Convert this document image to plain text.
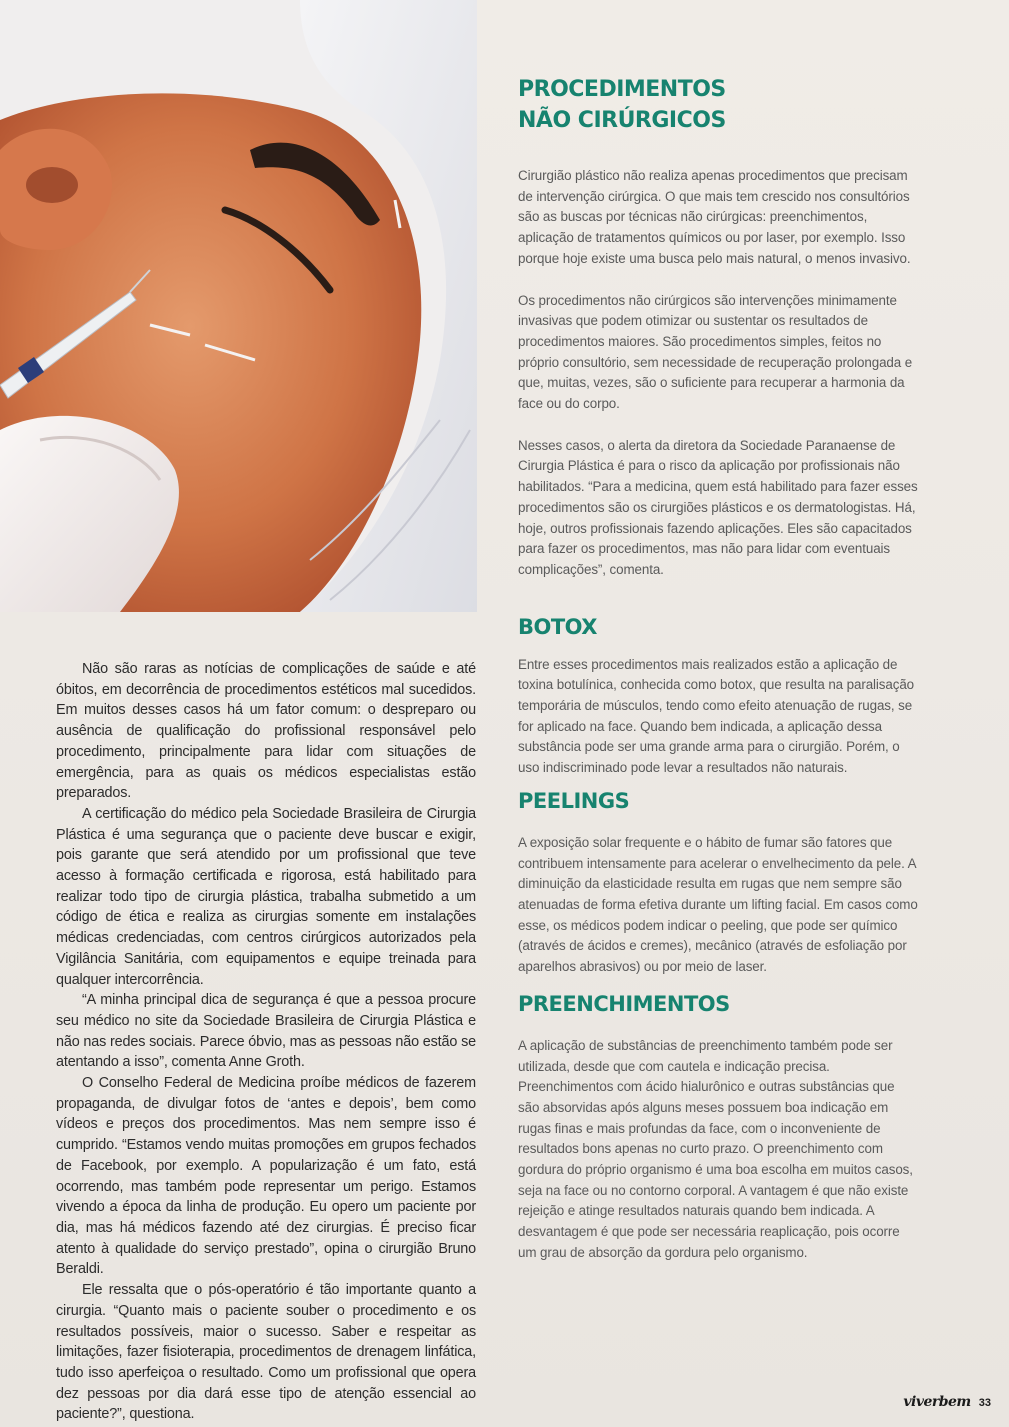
Não são raras as notícias de complicações de saúde e até óbitos, em decorrência de procedimentos estéticos mal sucedidos. Em muitos desses casos há um fator comum: o despreparo ou ausência de qualificação do profissional responsável pelo procedimento, principalmente para lidar com situações de emergência, para as quais os médicos especialistas estão preparados.

A certificação do médico pela Sociedade Brasileira de Cirurgia Plástica é uma segurança que o paciente deve buscar e exigir, pois garante que será atendido por um profissional que teve acesso à formação certificada e rigorosa, está habilitado para realizar todo tipo de cirurgia plástica, trabalha submetido a um código de ética e realiza as cirurgias somente em instalações médicas credenciadas, com centros cirúrgicos autorizados pela Vigilância Sanitária, com equipamentos e equipe treinada para qualquer intercorrência.

“A minha principal dica de segurança é que a pessoa procure seu médico no site da Sociedade Brasileira de Cirurgia Plástica e não nas redes sociais. Parece óbvio, mas as pessoas não estão se atentando a isso”, comenta Anne Groth.

O Conselho Federal de Medicina proíbe médicos de fazerem propaganda, de divulgar fotos de ‘antes e depois’, bem como vídeos e preços dos procedimentos. Mas nem sempre isso é cumprido. “Estamos vendo muitas promoções em grupos fechados de Facebook, por exemplo. A popularização é um fato, está ocorrendo, mas também pode representar um perigo. Estamos vivendo a época da linha de produção. Eu opero um paciente por dia, mas há médicos fazendo até dez cirurgias. É preciso ficar atento à qualidade do serviço prestado”, opina o cirurgião Bruno Beraldi.

Ele ressalta que o pós-operatório é tão importante quanto a cirurgia. “Quanto mais o paciente souber o procedimento e os resultados possíveis, maior o sucesso. Saber e respeitar as limitações, fazer fisioterapia, procedimentos de drenagem linfática, tudo isso aperfeiçoa o resultado. Como um profissional que opera dez pessoas por dia dará esse tipo de atenção essencial ao paciente?”, questiona.

PROCEDIMENTOS
NÃO CIRÚRGICOS

Cirurgião plástico não realiza apenas procedimentos que precisam de intervenção cirúrgica. O que mais tem crescido nos consultórios são as buscas por técnicas não cirúrgicas: preenchimentos, aplicação de tratamentos químicos ou por laser, por exemplo. Isso porque hoje existe uma busca pelo mais natural, o menos invasivo.

Os procedimentos não cirúrgicos são intervenções minimamente invasivas que podem otimizar ou sustentar os resultados de procedimentos maiores. São procedimentos simples, feitos no próprio consultório, sem necessidade de recuperação prolongada e que, muitas, vezes, são o suficiente para recuperar a harmonia da face ou do corpo.

Nesses casos, o alerta da diretora da Sociedade Paranaense de Cirurgia Plástica é para o risco da aplicação por profissionais não habilitados. “Para a medicina, quem está habilitado para fazer esses procedimentos são os cirurgiões plásticos e os dermatologistas. Há, hoje, outros profissionais fazendo aplicações. Eles são capacitados para fazer os procedimentos, mas não para lidar com eventuais complicações”, comenta.

BOTOX

Entre esses procedimentos mais realizados estão a aplicação de toxina botulínica, conhecida como botox, que resulta na paralisação temporária de músculos, tendo como efeito atenuação de rugas, se for aplicado na face. Quando bem indicada, a aplicação dessa substância pode ser uma grande arma para o cirurgião. Porém, o uso indiscriminado pode levar a resultados não naturais.

PEELINGS

A exposição solar frequente e o hábito de fumar são fatores que contribuem intensamente para acelerar o envelhecimento da pele. A diminuição da elasticidade resulta em rugas que nem sempre são atenuadas de forma efetiva durante um lifting facial. Em casos como esse, os médicos podem indicar o peeling, que pode ser químico (através de ácidos e cremes), mecânico (através de esfoliação por aparelhos abrasivos) ou por meio de laser.

PREENCHIMENTOS

A aplicação de substâncias de preenchimento também pode ser utilizada, desde que com cautela e indicação precisa. Preenchimentos com ácido hialurônico e outras substâncias que são absorvidas após alguns meses possuem boa indicação em rugas finas e mais profundas da face, com o inconveniente de resultados bons apenas no curto prazo. O preenchimento com gordura do próprio organismo é uma boa escolha em muitos casos, seja na face ou no contorno corporal. A vantagem é que não existe rejeição e atinge resultados naturais quando bem indicada. A desvantagem é que pode ser necessária reaplicação, pois ocorre um grau de absorção da gordura pelo organismo.

viverbem 33
